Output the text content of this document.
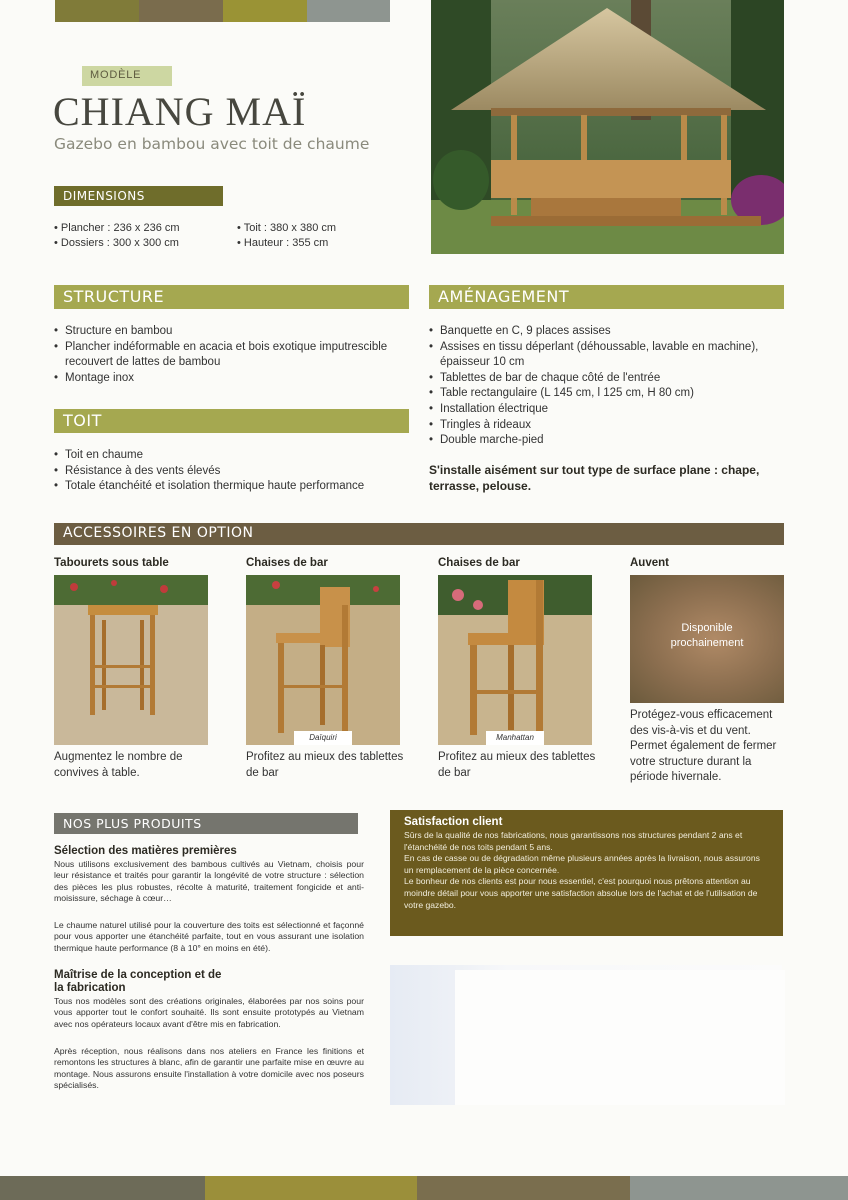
MODÈLE
CHIANG MAÏ
Gazebo en bambou avec toit de chaume
DIMENSIONS
• Plancher : 236 x 236 cm
• Dossiers : 300 x 300 cm
• Toit : 380 x 380 cm
• Hauteur : 355 cm
STRUCTURE
• Structure en bambou
• Plancher indéformable en acacia et bois exotique imputrescible recouvert de lattes de bambou
• Montage inox
TOIT
• Toit en chaume
• Résistance à des vents élevés
• Totale étanchéité et isolation thermique haute performance
AMÉNAGEMENT
• Banquette en C, 9 places assises
• Assises en tissu déperlant (déhoussable, lavable en machine), épaisseur 10 cm
• Tablettes de bar de chaque côté de l'entrée
• Table rectangulaire (L 145 cm, l 125 cm, H 80 cm)
• Installation électrique
• Tringles à rideaux
• Double marche-pied
S'installe aisément sur tout type de surface plane : chape, terrasse, pelouse.
ACCESSOIRES EN OPTION
Tabourets sous table
Augmentez le nombre de convives à table.
Chaises de bar
Daïquiri
Profitez au mieux des tablettes de bar
Chaises de bar
Manhattan
Profitez au mieux des tablettes de bar
Auvent
Disponible prochainement
Protégez-vous efficacement des vis-à-vis et du vent. Permet également de fermer votre structure durant la période hivernale.
NOS PLUS PRODUITS
Sélection des matières premières
Nous utilisons exclusivement des bambous cultivés au Vietnam, choisis pour leur résistance et traités pour garantir la longévité de votre structure : sélection des pièces les plus robustes, récolte à maturité, traitement fongicide et anti-moisissure, séchage à cœur…
Le chaume naturel utilisé pour la couverture des toits est sélectionné et façonné pour vous apporter une étanchéité parfaite, tout en vous assurant une isolation thermique haute performance (8 à 10° en moins en été).
Maîtrise de la conception et de la fabrication
Tous nos modèles sont des créations originales, élaborées par nos soins pour vous apporter tout le confort souhaité. Ils sont ensuite prototypés au Vietnam avec nos opérateurs locaux avant d'être mis en fabrication.
Après réception, nous réalisons dans nos ateliers en France les finitions et remontons les structures à blanc, afin de garantir une parfaite mise en œuvre au montage. Nous assurons ensuite l'installation à votre domicile avec nos poseurs spécialisés.
Satisfaction client
Sûrs de la qualité de nos fabrications, nous garantissons nos structures pendant 2 ans et l'étanchéité de nos toits pendant 5 ans.
En cas de casse ou de dégradation même plusieurs années après la livraison, nous assurons un remplacement de la pièce concernée.
Le bonheur de nos clients est pour nous essentiel, c'est pourquoi nous prêtons attention au moindre détail pour vous apporter une satisfaction absolue lors de l'achat et de l'utilisation de votre gazebo.
